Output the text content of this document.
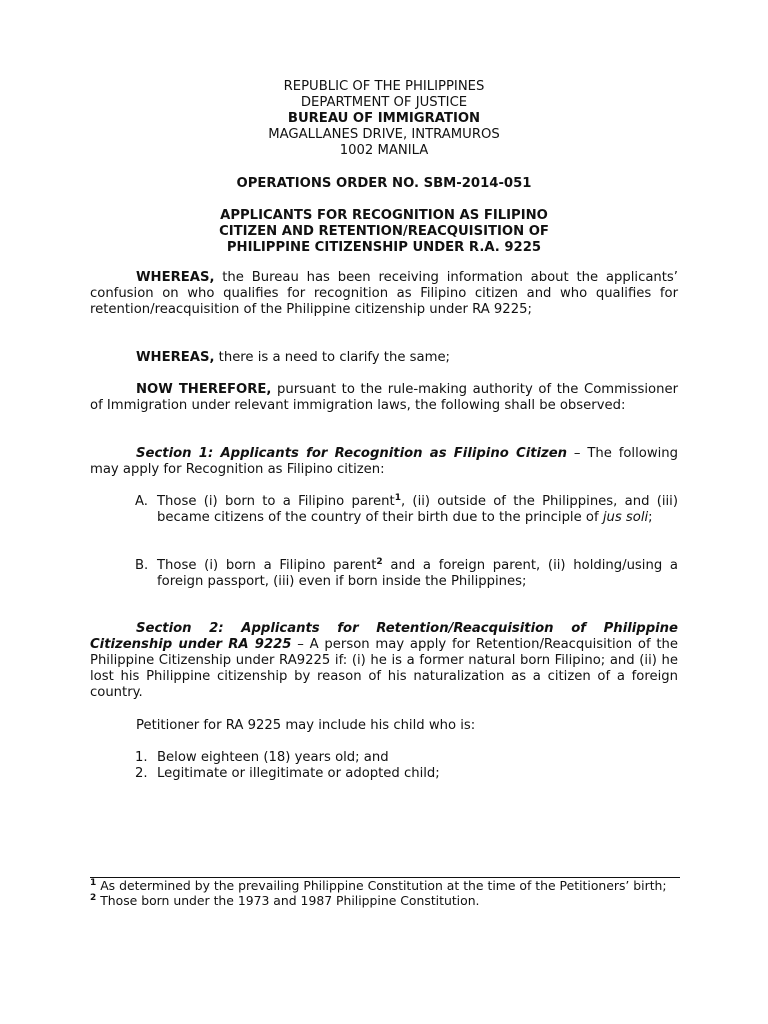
REPUBLIC OF THE PHILIPPINES
DEPARTMENT OF JUSTICE
BUREAU OF IMMIGRATION
MAGALLANES DRIVE, INTRAMUROS
1002 MANILA
OPERATIONS ORDER NO. SBM-2014-051
APPLICANTS FOR RECOGNITION AS FILIPINO
CITIZEN AND RETENTION/REACQUISITION OF
PHILIPPINE CITIZENSHIP UNDER R.A. 9225
WHEREAS, the Bureau has been receiving information about the applicants’ confusion on who qualifies for recognition as Filipino citizen and who qualifies for retention/reacquisition of the Philippine citizenship under RA 9225;
WHEREAS, there is a need to clarify the same;
NOW THEREFORE, pursuant to the rule-making authority of the Commissioner of Immigration under relevant immigration laws, the following shall be observed:
Section 1: Applicants for Recognition as Filipino Citizen – The following may apply for Recognition as Filipino citizen:
A. Those (i) born to a Filipino parent$^1$, (ii) outside of the Philippines, and (iii) became citizens of the country of their birth due to the principle of jus soli;
B. Those (i) born a Filipino parent$^2$ and a foreign parent, (ii) holding/using a foreign passport, (iii) even if born inside the Philippines;
Section 2: Applicants for Retention/Reacquisition of Philippine Citizenship under RA 9225 – A person may apply for Retention/Reacquisition of the Philippine Citizenship under RA9225 if: (i) he is a former natural born Filipino; and (ii) he lost his Philippine citizenship by reason of his naturalization as a citizen of a foreign country.
Petitioner for RA 9225 may include his child who is:
1. Below eighteen (18) years old; and
2. Legitimate or illegitimate or adopted child;
$^1$ As determined by the prevailing Philippine Constitution at the time of the Petitioners’ birth;
$^2$ Those born under the 1973 and 1987 Philippine Constitution.
